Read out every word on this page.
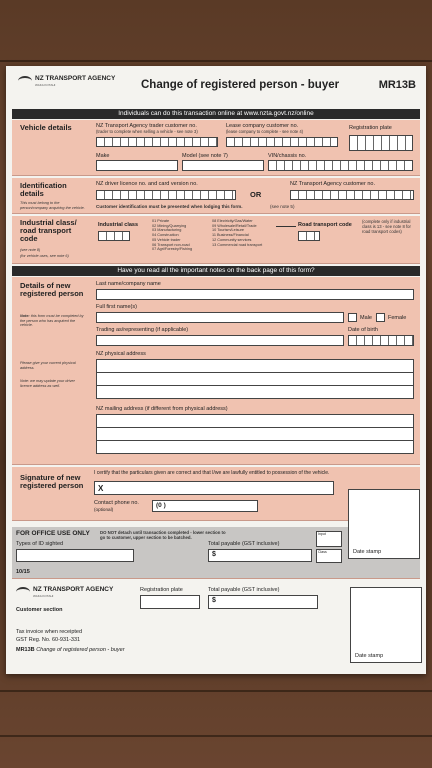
NZ TRANSPORT AGENCY
WAKA KOTAHI	Change of registered person - buyer	MR13B
Individuals can do this transaction online at www.nzta.govt.nz/online
Vehicle details	NZ Transport Agency trader customer no.
(trader to complete when selling a vehicle - see note 3)
Lease company customer no.
(lease company to complete - see note 4)
Registration plate
Make	Model (see note 7)	VIN/chassis no.
Identification details
This must belong to the person/company acquiring the vehicle.
NZ driver licence no. and card version no.
OR
NZ Transport Agency customer no.
Customer identification must be presented when lodging this form.	(see note 5)
Industrial class/ road transport code
(see note 8)
(for vehicle uses, see note 6)
Industrial class
01 Private
02 Mining/Quarrying
03 Manufacturing
04 Construction
05 Vehicle trader
06 Transport non-road
07 Agri/Forestry/Fishing
08 Electricity/Gas/Water
09 Wholesale/Retail/Trade
10 Tourism/Leisure
11 Business/Financial
12 Community services
13 Commercial road transport
Road transport code
(complete only if industrial class is 13 - see note 8 for road transport codes)
Have you read all the important notes on the back page of this form?
Details of new registered person
Note: this form must be completed by the person who has acquired the vehicle.
Please give your current physical address.
Note: we may update your driver licence address as well.
Last name/company name
Full first name(s)
Male	Female
Trading as/representing (if applicable)	Date of birth
NZ physical address
NZ mailing address (if different from physical address)
Signature of new registered person
I certify that the particulars given are correct and that I/we are lawfully entitled to possession of the vehicle.
X
Contact phone no.
(optional)
(0 )
Date stamp
FOR OFFICE USE ONLY DO NOT detach until transaction completed - lower section to go to customer, upper section to be batched.
Types of ID sighted	Total payable (GST inclusive)
$
Input
Class
10/15
NZ TRANSPORT AGENCY
WAKA KOTAHI
Customer section
Registration plate	Total payable (GST inclusive)
$
Tax invoice when receipted
GST Reg. No. 60-931-331
MR13B Change of registered person - buyer
Date stamp
